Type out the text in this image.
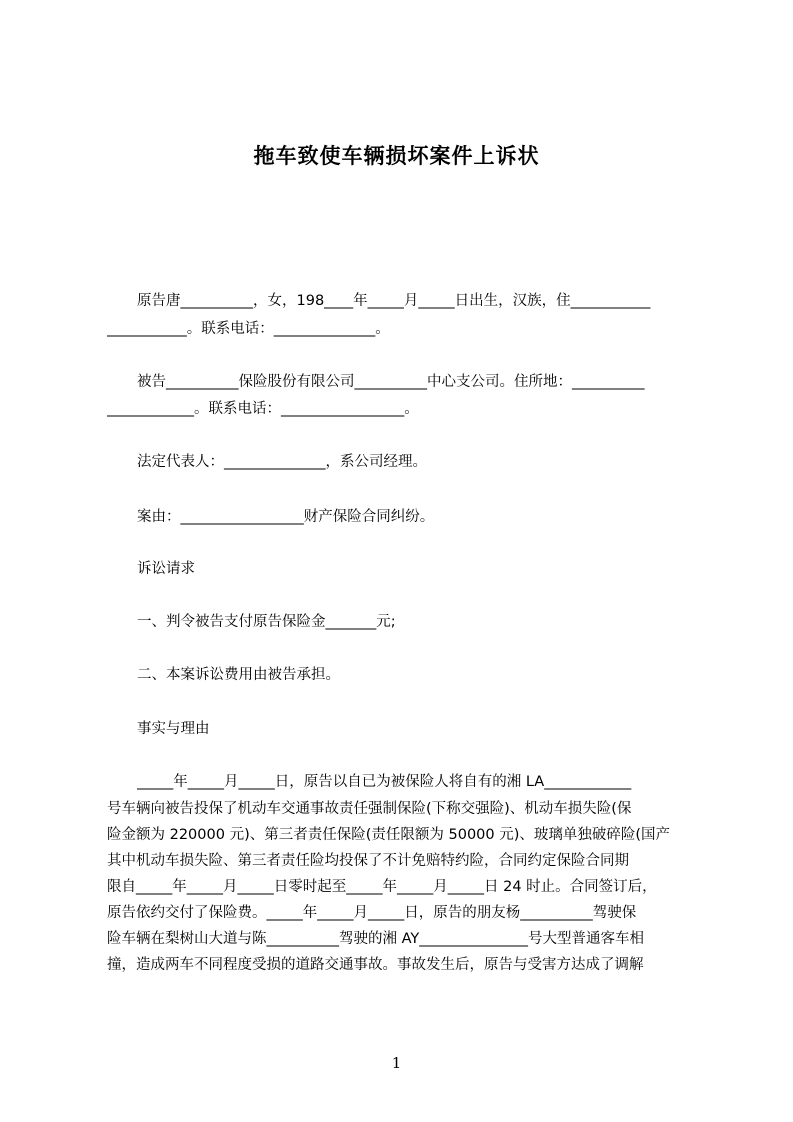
拖车致使车辆损坏案件上诉状
原告唐__________，女，198____年_____月_____日出生，汉族，住___________
___________。联系电话：______________。
被告__________保险股份有限公司__________中心支公司。住所地：__________
____________。联系电话：_________________。
法定代表人：______________，系公司经理。
案由：_________________财产保险合同纠纷。
诉讼请求
一、判令被告支付原告保险金_______元;
二、本案诉讼费用由被告承担。
事实与理由
_____年_____月_____日，原告以自已为被保险人将自有的湘 LA____________
号车辆向被告投保了机动车交通事故责任强制保险(下称交强险)、机动车损失险(保
险金额为 220000 元)、第三者责任保险(责任限额为 50000 元)、玻璃单独破碎险(国产
其中机动车损失险、第三者责任险均投保了不计免赔特约险，合同约定保险合同期
限自_____年_____月_____日零时起至_____年_____月_____日 24 时止。合同签订后，
原告依约交付了保险费。_____年_____月_____日，原告的朋友杨__________驾驶保
险车辆在梨树山大道与陈__________驾驶的湘 AY_______________号大型普通客车相
撞，造成两车不同程度受损的道路交通事故。事故发生后，原告与受害方达成了调解
1
